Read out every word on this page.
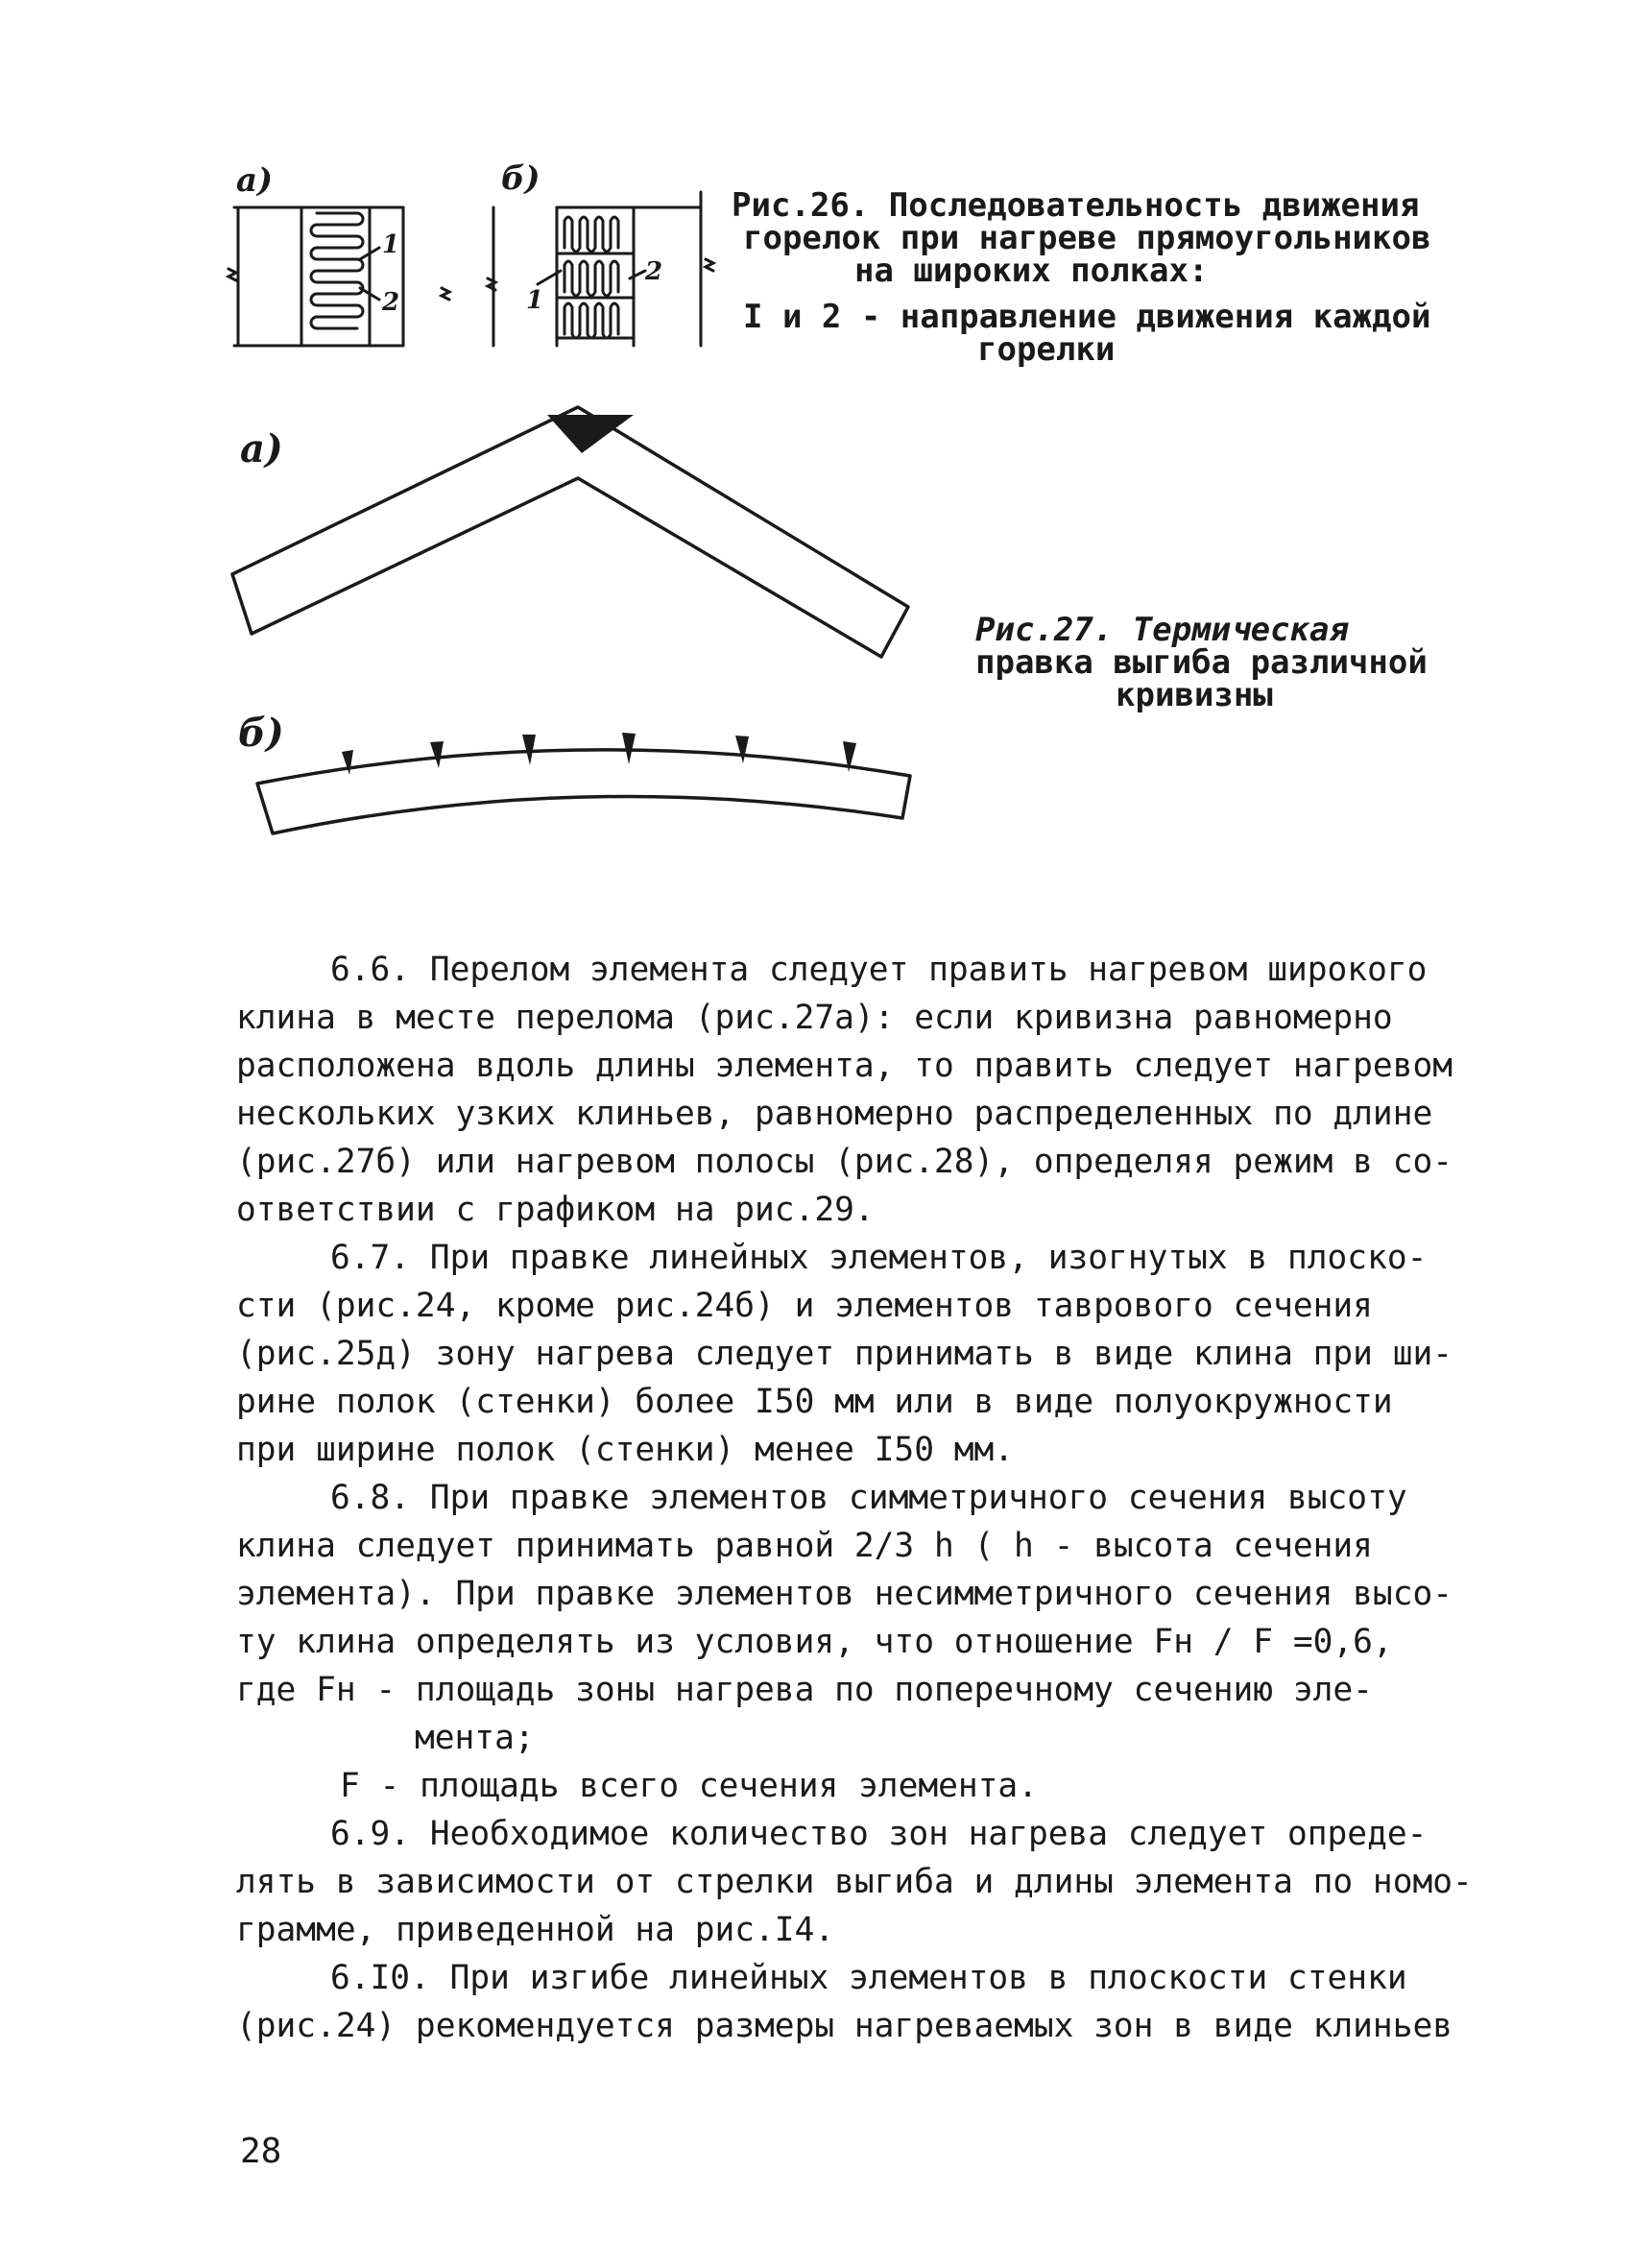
а)	б)
1
2	1
2
Рис.26. Последовательность движения
горелок при нагреве прямоугольников
на широких полках:
I и 2 - направление движения каждой
горелки
а)
б)
Рис.27. Термическая
правка выгиба различной
кривизны
6.6. Перелом элемента следует править нагревом широкого
клина в месте перелома (рис.27а): если кривизна равномерно
расположена вдоль длины элемента, то править следует нагревом
нескольких узких клиньев, равномерно распределенных по длине
(рис.27б) или нагревом полосы (рис.28), определяя режим в со-
ответствии с графиком на рис.29.
6.7. При правке линейных элементов, изогнутых в плоско-
сти (рис.24, кроме рис.24б) и элементов таврового сечения
(рис.25д) зону нагрева следует принимать в виде клина при ши-
рине полок (стенки) более I50 мм или в виде полуокружности
при ширине полок (стенки) менее I50 мм.
6.8. При правке элементов симметричного сечения высоту
клина следует принимать равной 2/3 h ( h - высота сечения
элемента). При правке элементов несимметричного сечения высо-
ту клина определять из условия, что отношение Fн / F =0,6,
где Fн - площадь зоны нагрева по поперечному сечению эле-
мента;
F - площадь всего сечения элемента.
6.9. Необходимое количество зон нагрева следует опреде-
лять в зависимости от стрелки выгиба и длины элемента по номо-
грамме, приведенной на рис.I4.
6.I0. При изгибе линейных элементов в плоскости стенки
(рис.24) рекомендуется размеры нагреваемых зон в виде клиньев
28
